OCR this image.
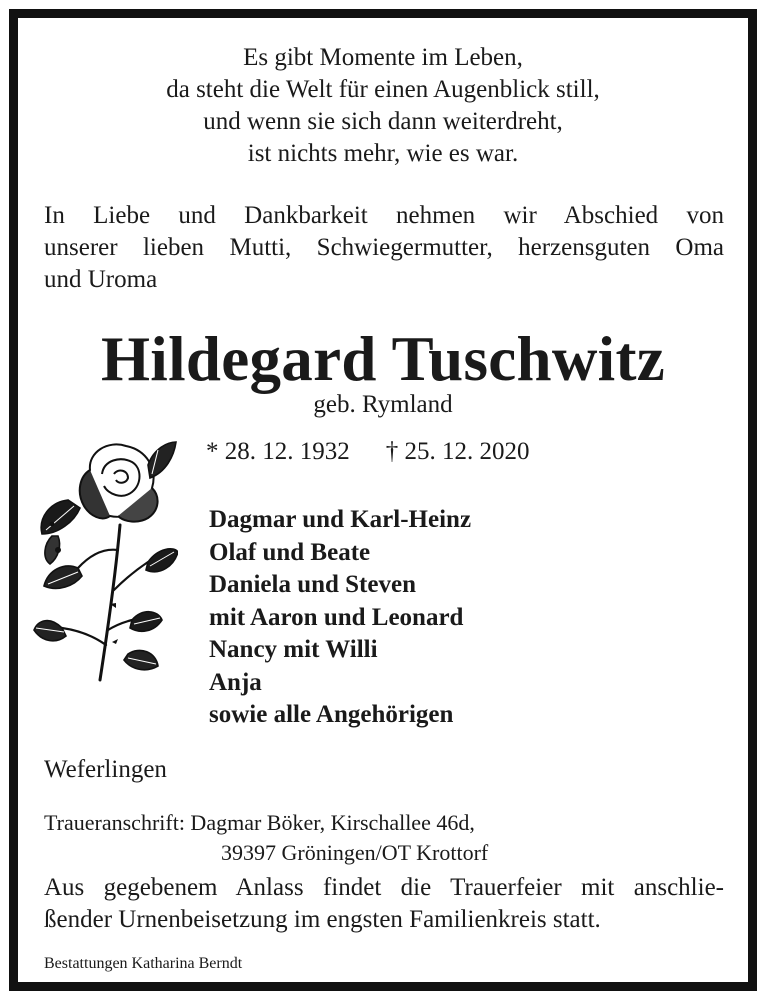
Es gibt Momente im Leben,
da steht die Welt für einen Augenblick still,
und wenn sie sich dann weiterdreht,
ist nichts mehr, wie es war.
In Liebe und Dankbarkeit nehmen wir Abschied von
unserer lieben Mutti, Schwiegermutter, herzensguten Oma
und Uroma
Hildegard Tuschwitz
geb. Rymland
* 28. 12. 1932 † 25. 12. 2020
Dagmar und Karl-Heinz
Olaf und Beate
Daniela und Steven
mit Aaron und Leonard
Nancy mit Willi
Anja
sowie alle Angehörigen
Weferlingen
Traueranschrift: Dagmar Böker, Kirschallee 46d,
39397 Gröningen/OT Krottorf
Aus gegebenem Anlass findet die Trauerfeier mit anschlie-
ßender Urnenbeisetzung im engsten Familienkreis statt.
Bestattungen Katharina Berndt
